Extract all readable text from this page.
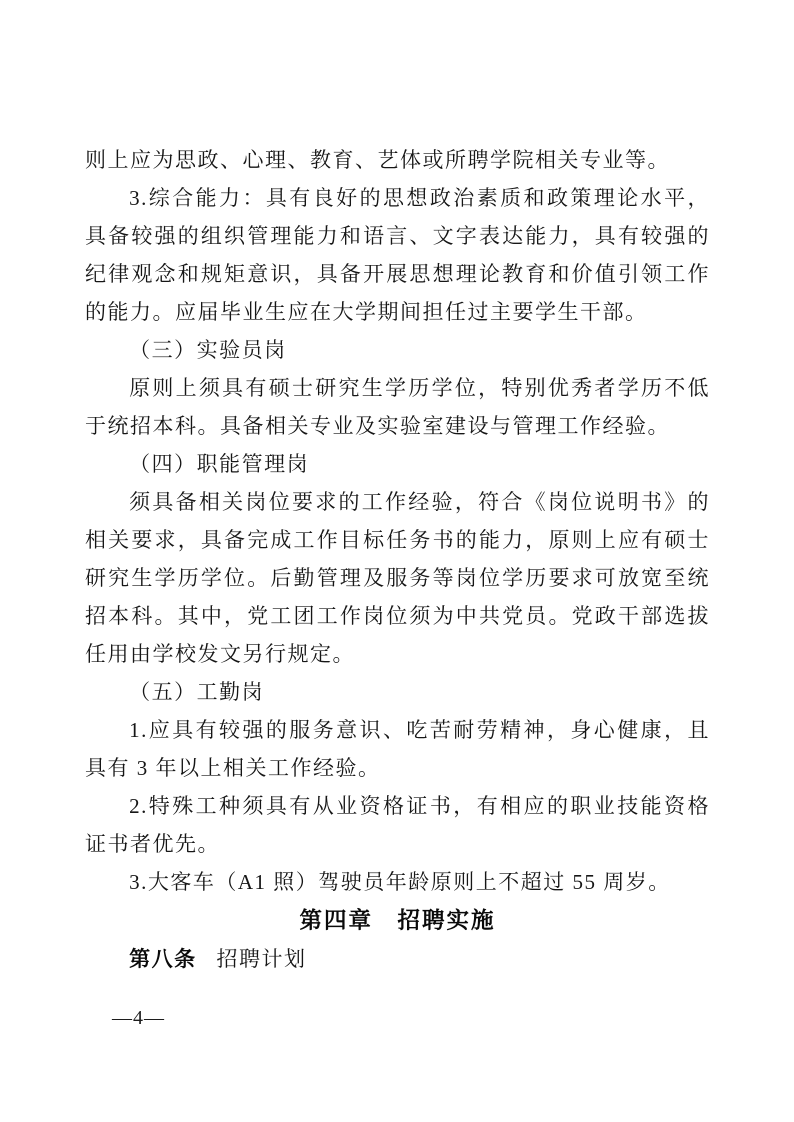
则上应为思政、心理、教育、艺体或所聘学院相关专业等。

3.综合能力：具有良好的思想政治素质和政策理论水平，具备较强的组织管理能力和语言、文字表达能力，具有较强的纪律观念和规矩意识，具备开展思想理论教育和价值引领工作的能力。应届毕业生应在大学期间担任过主要学生干部。

（三）实验员岗

原则上须具有硕士研究生学历学位，特别优秀者学历不低于统招本科。具备相关专业及实验室建设与管理工作经验。

（四）职能管理岗

须具备相关岗位要求的工作经验，符合《岗位说明书》的相关要求，具备完成工作目标任务书的能力，原则上应有硕士研究生学历学位。后勤管理及服务等岗位学历要求可放宽至统招本科。其中，党工团工作岗位须为中共党员。党政干部选拔任用由学校发文另行规定。

（五）工勤岗

1.应具有较强的服务意识、吃苦耐劳精神，身心健康，且具有 3 年以上相关工作经验。

2.特殊工种须具有从业资格证书，有相应的职业技能资格证书者优先。

3.大客车（A1 照）驾驶员年龄原则上不超过 55 周岁。

第四章　招聘实施

第八条 招聘计划

—4—
